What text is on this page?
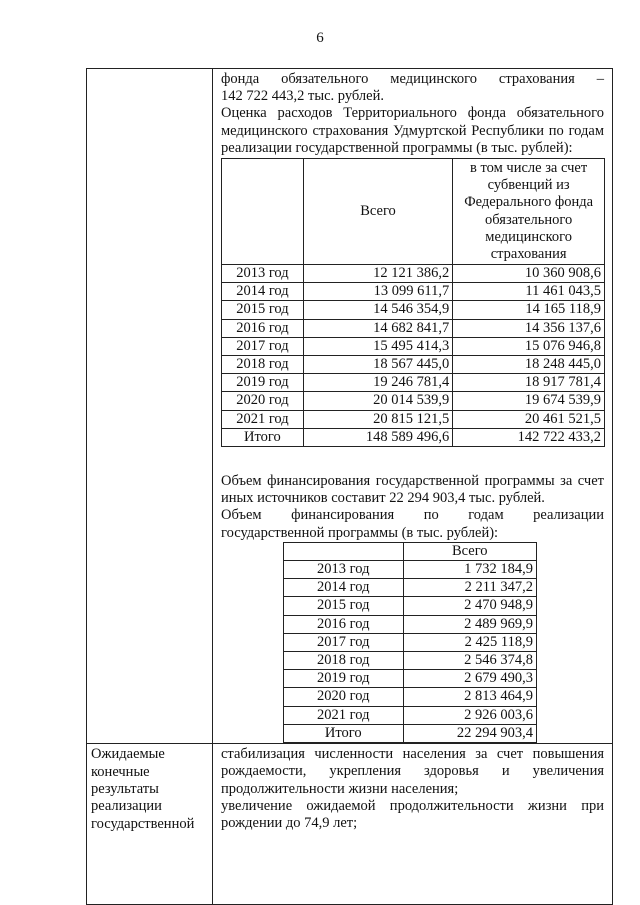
6

фонда обязательного медицинского страхования –

142 722 443,2 тыс. рублей.

Оценка расходов Территориального фонда обязательного медицинского страхования Удмуртской Республики по годам реализации государственной программы (в тыс. рублей):

	Всего	в том числе за счет субвенций из Федерального фонда обязательного медицинского страхования
2013 год	12 121 386,2	10 360 908,6
2014 год	13 099 611,7	11 461 043,5
2015 год	14 546 354,9	14 165 118,9
2016 год	14 682 841,7	14 356 137,6
2017 год	15 495 414,3	15 076 946,8
2018 год	18 567 445,0	18 248 445,0
2019 год	19 246 781,4	18 917 781,4
2020 год	20 014 539,9	19 674 539,9
2021 год	20 815 121,5	20 461 521,5
Итого	148 589 496,6	142 722 433,2

Объем финансирования государственной программы за счет иных источников составит 22 294 903,4 тыс. рублей.

Объем финансирования по годам реализации

государственной программы (в тыс. рублей):

	Всего
2013 год	1 732 184,9
2014 год	2 211 347,2
2015 год	2 470 948,9
2016 год	2 489 969,9
2017 год	2 425 118,9
2018 год	2 546 374,8
2019 год	2 679 490,3
2020 год	2 813 464,9
2021 год	2 926 003,6
Итого	22 294 903,4

Ожидаемые
конечные
результаты
реализации
государственной

стабилизация численности населения за счет повышения рождаемости, укрепления здоровья и увеличения продолжительности жизни населения;

увеличение ожидаемой продолжительности жизни при рождении до 74,9 лет;
